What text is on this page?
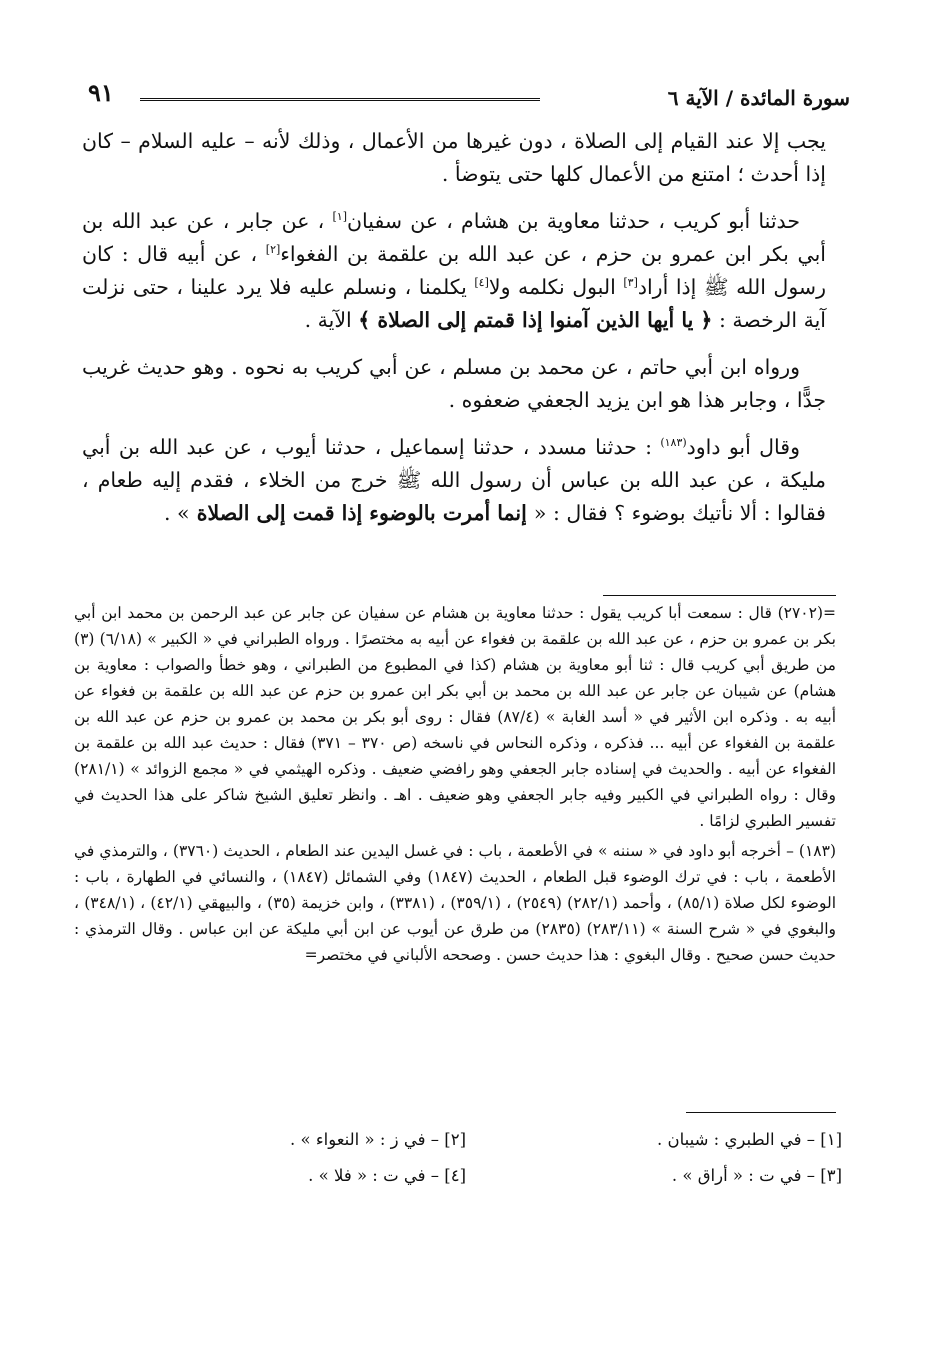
سورة المائدة / الآية ٦
٩١

يجب إلا عند القيام إلى الصلاة ، دون غيرها من الأعمال ، وذلك لأنه – عليه السلام – كان إذا أحدث ؛ امتنع من الأعمال كلها حتى يتوضأ .

حدثنا أبو كريب ، حدثنا معاوية بن هشام ، عن سفيان[١] ، عن جابر ، عن عبد الله بن أبي بكر ابن عمرو بن حزم ، عن عبد الله بن علقمة بن الفغواء[٢] ، عن أبيه قال : كان رسول الله ﷺ إذا أراد[٣] البول نكلمه ولا[٤] يكلمنا ، ونسلم عليه فلا يرد علينا ، حتى نزلت آية الرخصة : ﴿ يا أيها الذين آمنوا إذا قمتم إلى الصلاة ﴾ الآية .

ورواه ابن أبي حاتم ، عن محمد بن مسلم ، عن أبي كريب به نحوه . وهو حديث غريب جدًّا ، وجابر هذا هو ابن يزيد الجعفي ضعفوه .

وقال أبو داود$^{(١٨٣)}$ : حدثنا مسدد ، حدثنا إسماعيل ، حدثنا أيوب ، عن عبد الله بن أبي مليكة ، عن عبد الله بن عباس أن رسول الله ﷺ خرج من الخلاء ، فقدم إليه طعام ، فقالوا : ألا نأتيك بوضوء ؟ فقال : « إنما أمرت بالوضوء إذا قمت إلى الصلاة » .

=(٢٧٠٢) قال : سمعت أبا كريب يقول : حدثنا معاوية بن هشام عن سفيان عن جابر عن عبد الرحمن بن محمد ابن أبي بكر بن عمرو بن حزم ، عن عبد الله بن علقمة بن فغواء عن أبيه به مختصرًا . ورواه الطبراني في « الكبير » (٦/١٨) (٣) من طريق أبي كريب قال : ثنا أبو معاوية بن هشام (كذا في المطبوع من الطبراني ، وهو خطأ والصواب : معاوية بن هشام) عن شيبان عن جابر عن عبد الله بن محمد بن أبي بكر ابن عمرو بن حزم عن عبد الله بن علقمة بن فغواء عن أبيه به . وذكره ابن الأثير في « أسد الغابة » (٨٧/٤) فقال : روى أبو بكر بن محمد بن عمرو بن حزم عن عبد الله بن علقمة بن الفغواء عن أبيه ... فذكره ، وذكره النحاس في ناسخه (ص ٣٧٠ – ٣٧١) فقال : حديث عبد الله بن علقمة بن الفغواء عن أبيه . والحديث في إسناده جابر الجعفي وهو رافضي ضعيف . وذكره الهيثمي في « مجمع الزوائد » (٢٨١/١) وقال : رواه الطبراني في الكبير وفيه جابر الجعفي وهو ضعيف . اهـ . وانظر تعليق الشيخ شاكر على هذا الحديث في تفسير الطبري لزامًا .

(١٨٣) – أخرجه أبو داود في « سننه » في الأطعمة ، باب : في غسل اليدين عند الطعام ، الحديث (٣٧٦٠) ، والترمذي في الأطعمة ، باب : في ترك الوضوء قبل الطعام ، الحديث (١٨٤٧) وفي الشمائل (١٨٤٧) ، والنسائي في الطهارة ، باب : الوضوء لكل صلاة (٨٥/١) ، وأحمد (٢٨٢/١) (٢٥٤٩) ، (٣٥٩/١) ، (٣٣٨١) ، وابن خزيمة (٣٥) ، والبيهقي (٤٢/١) ، (٣٤٨/١) ، والبغوي في « شرح السنة » (٢٨٣/١١) (٢٨٣٥) من طرق عن أيوب عن ابن أبي مليكة عن ابن عباس . وقال الترمذي : حديث حسن صحيح . وقال البغوي : هذا حديث حسن . وصححه الألباني في مختصر=

[١] – في الطبري : شيبان .
[٢] – في ز : « النعواء » .
[٣] – في ت : « أراق » .
[٤] – في ت : « فلا » .
